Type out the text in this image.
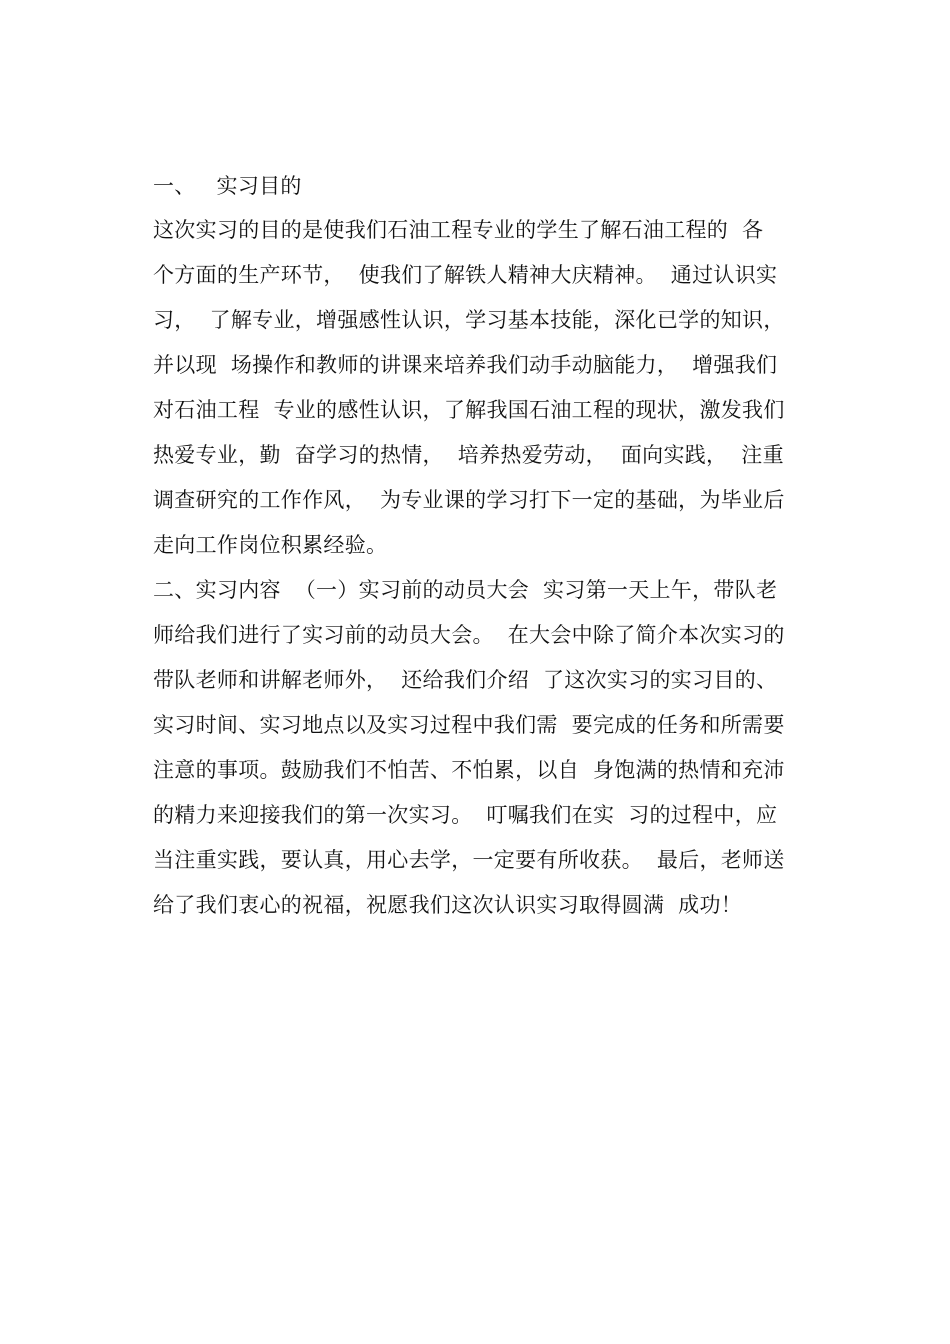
一、   实习目的
这次实习的目的是使我们石油工程专业的学生了解石油工程的  各
个方面的生产环节，  使我们了解铁人精神大庆精神。  通过认识实
习，  了解专业，增强感性认识，学习基本技能，深化已学的知识，
并以现  场操作和教师的讲课来培养我们动手动脑能力，  增强我们
对石油工程  专业的感性认识，了解我国石油工程的现状，激发我们
热爱专业，勤  奋学习的热情，  培养热爱劳动，  面向实践，  注重
调查研究的工作作风，  为专业课的学习打下一定的基础，为毕业后
走向工作岗位积累经验。
二、实习内容  （一）实习前的动员大会  实习第一天上午，带队老
师给我们进行了实习前的动员大会。  在大会中除了简介本次实习的
带队老师和讲解老师外，  还给我们介绍  了这次实习的实习目的、
实习时间、实习地点以及实习过程中我们需  要完成的任务和所需要
注意的事项。鼓励我们不怕苦、不怕累，以自  身饱满的热情和充沛
的精力来迎接我们的第一次实习。  叮嘱我们在实  习的过程中，应
当注重实践，要认真，用心去学，一定要有所收获。  最后，老师送
给了我们衷心的祝福，祝愿我们这次认识实习取得圆满  成功！
